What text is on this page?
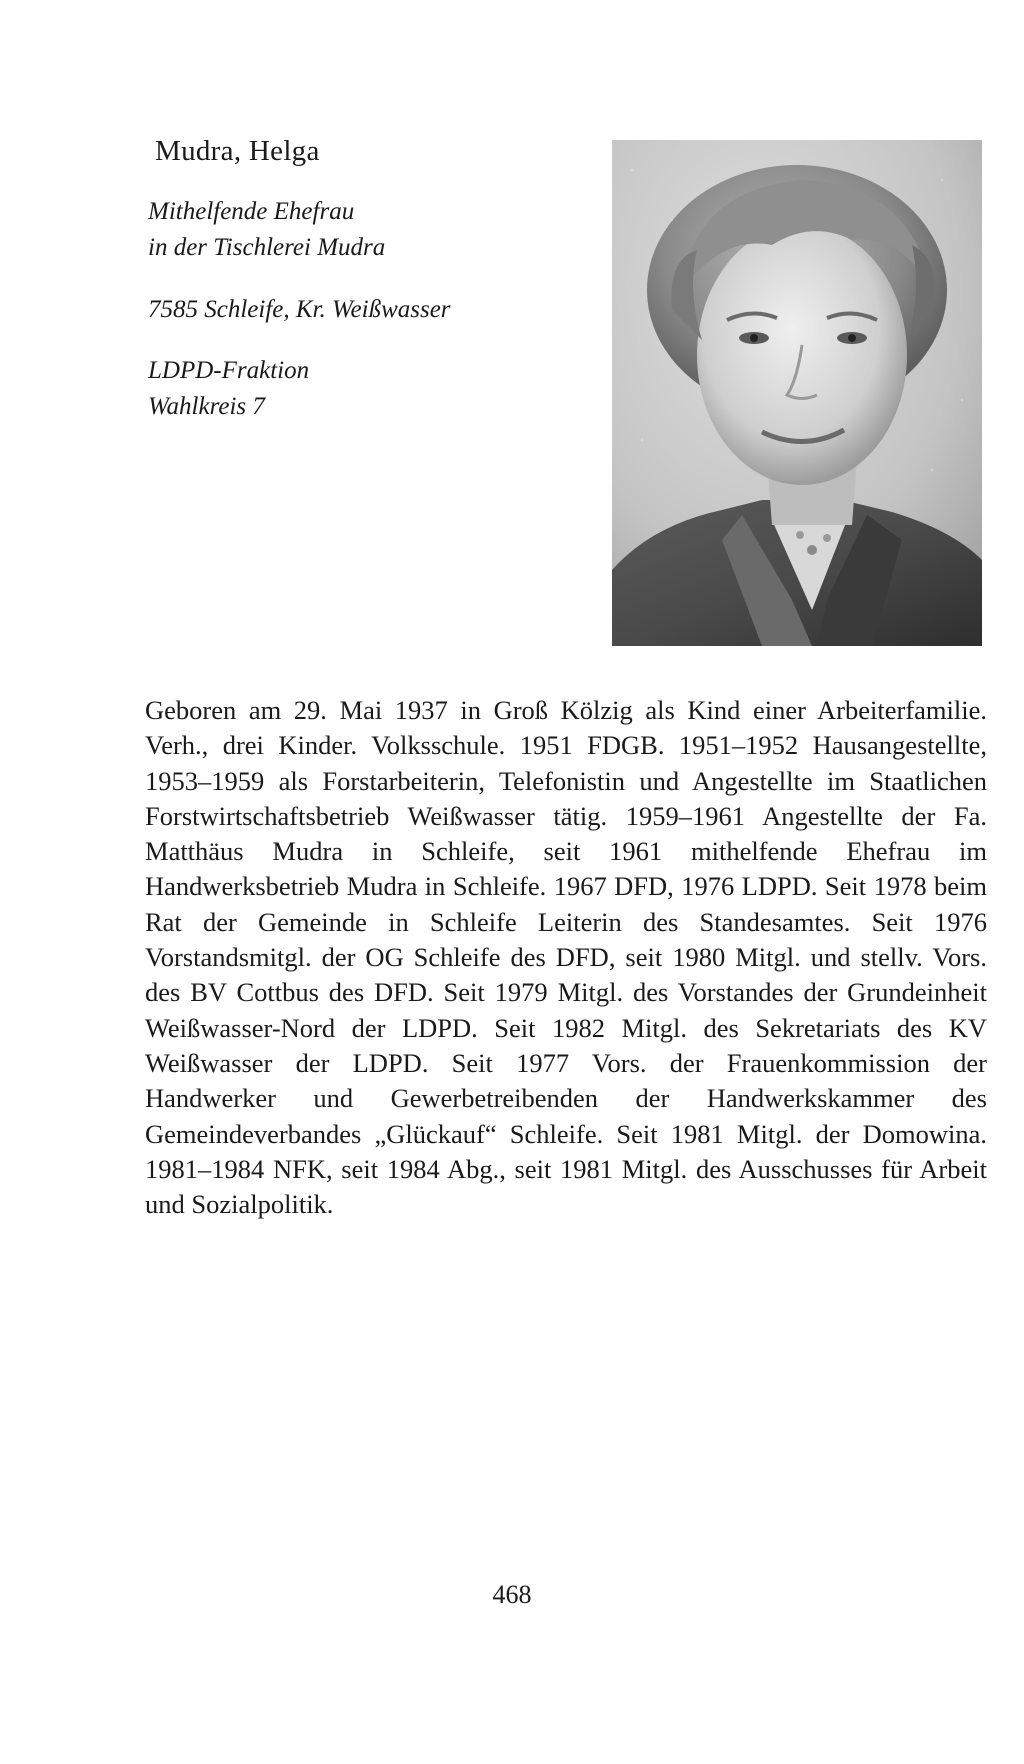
Mudra, Helga
Mithelfende Ehefrau
in der Tischlerei Mudra
7585 Schleife, Kr. Weißwasser
LDPD-Fraktion
Wahlkreis 7

Geboren am 29. Mai 1937 in Groß Kölzig als Kind einer Arbeiterfamilie. Verh., drei Kinder. Volksschule. 1951 FDGB. 1951–1952 Hausangestellte, 1953–1959 als Forstarbeiterin, Telefonistin und Angestellte im Staatlichen Forstwirtschaftsbetrieb Weißwasser tätig. 1959–1961 Angestellte der Fa. Matthäus Mudra in Schleife, seit 1961 mithelfende Ehefrau im Handwerksbetrieb Mudra in Schleife. 1967 DFD, 1976 LDPD. Seit 1978 beim Rat der Gemeinde in Schleife Leiterin des Standesamtes. Seit 1976 Vorstandsmitgl. der OG Schleife des DFD, seit 1980 Mitgl. und stellv. Vors. des BV Cottbus des DFD. Seit 1979 Mitgl. des Vorstandes der Grundeinheit Weißwasser-Nord der LDPD. Seit 1982 Mitgl. des Sekretariats des KV Weißwasser der LDPD. Seit 1977 Vors. der Frauenkommission der Handwerker und Gewerbetreibenden der Handwerkskammer des Gemeindeverbandes „Glückauf“ Schleife. Seit 1981 Mitgl. der Domowina. 1981–1984 NFK, seit 1984 Abg., seit 1981 Mitgl. des Ausschusses für Arbeit und Sozialpolitik.

468
